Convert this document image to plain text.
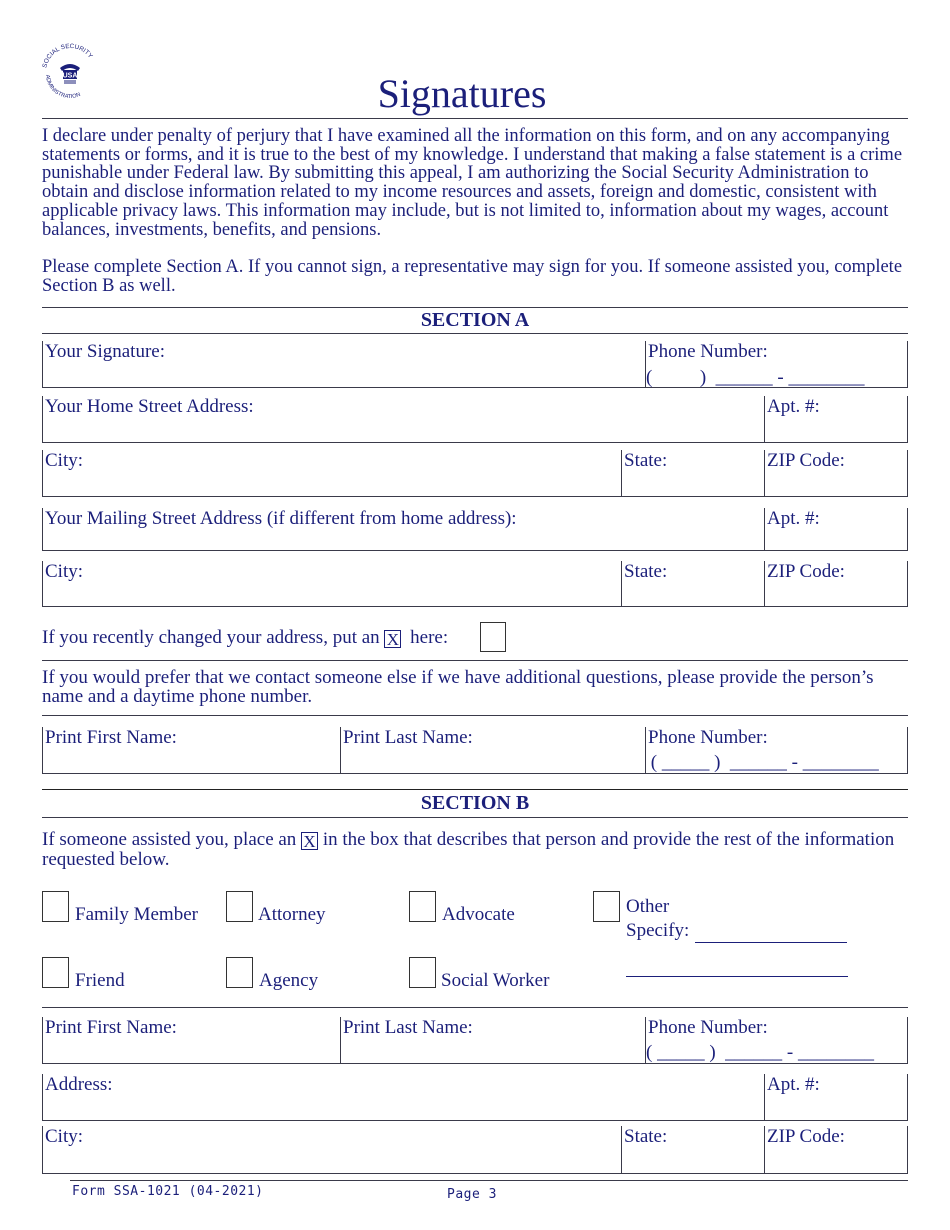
SOCIAL SECURITY
ADMINISTRATION
USA	Signatures
I declare under penalty of perjury that I have examined all the information on this form, and on any accompanying statements or forms, and it is true to the best of my knowledge. I understand that making a false statement is a crime punishable under Federal law. By submitting this appeal, I am authorizing the Social Security Administration to obtain and disclose information related to my income resources and assets, foreign and domestic, consistent with applicable privacy laws. This information may include, but is not limited to, information about my wages, account balances, investments, benefits, and pensions.
Please complete Section A. If you cannot sign, a representative may sign for you. If someone assisted you, complete Section B as well.
SECTION A
Your Signature:	Phone Number:
(          )  ______ - ________
Your Home Street Address:	Apt. #:
City:	State:	ZIP Code:
Your Mailing Street Address (if different from home address):	Apt. #:
City:	State:	ZIP Code:
If you recently changed your address, put an X here:
If you would prefer that we contact someone else if we have additional questions, please provide the person’s name and a daytime phone number.
Print First Name:	Print Last Name:	Phone Number:
( _____ )  ______ - ________
SECTION B
If someone assisted you, place an X in the box that describes that person and provide the rest of the information requested below.
Family Member	Attorney	Advocate	Other
Specify:
Friend	Agency	Social Worker
Print First Name:	Print Last Name:	Phone Number:
( _____ )  ______ - ________
Address:	Apt. #:
City:	State:	ZIP Code:
Form SSA-1021 (04-2021)	Page 3
